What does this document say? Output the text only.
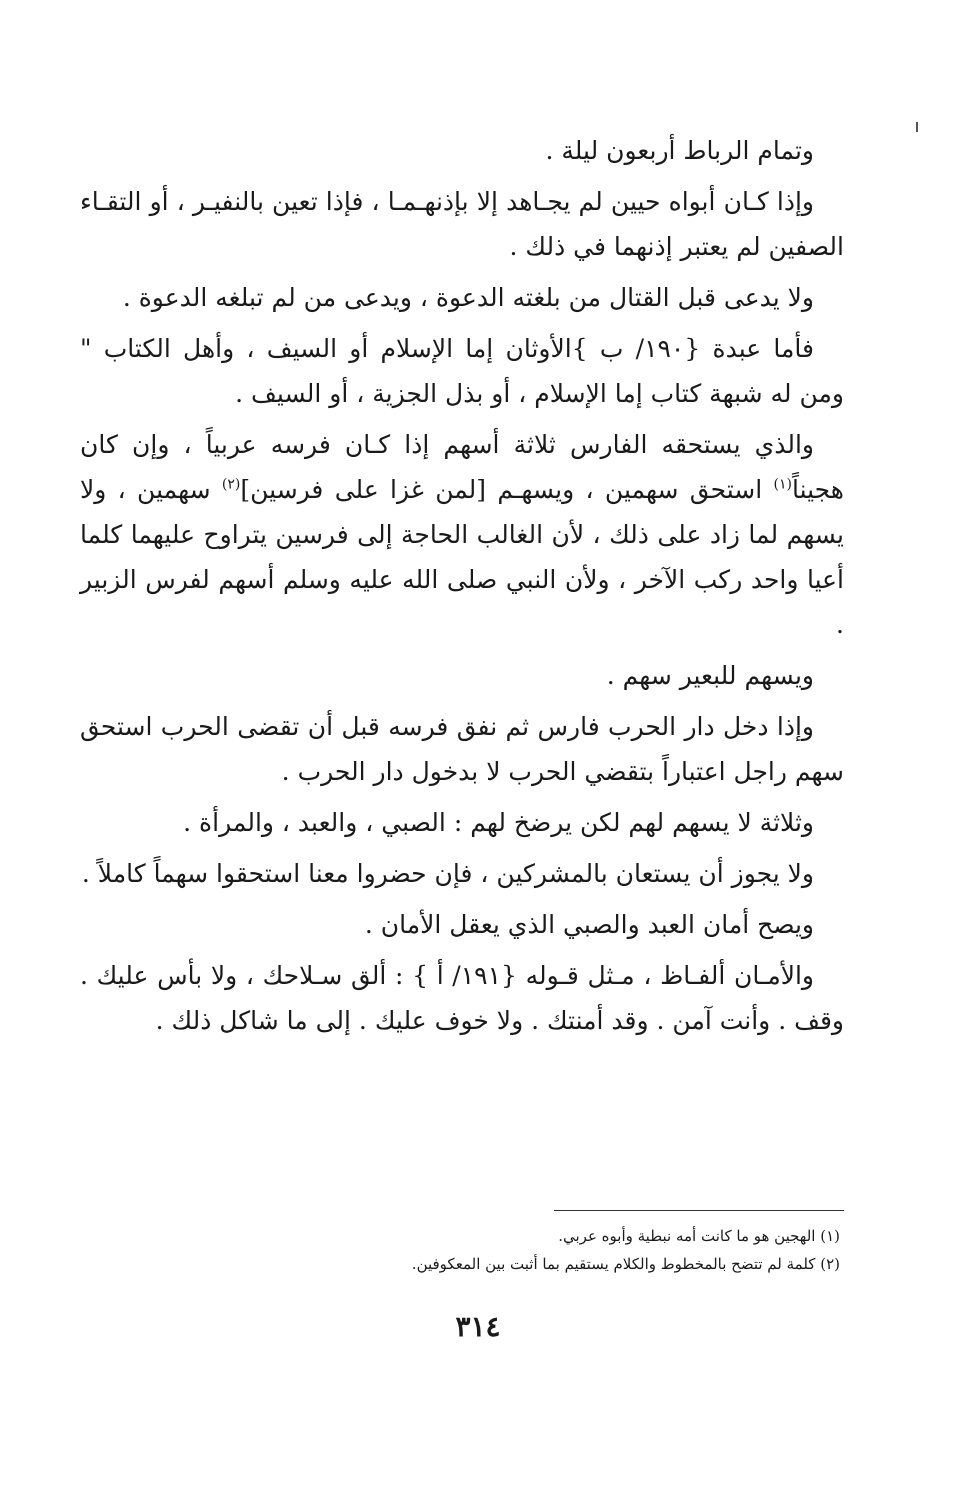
وتمام الرباط أربعون ليلة .

وإذا كـان أبواه حيين لم يجـاهد إلا بإذنهـمـا ، فإذا تعين بالنفيـر ، أو التقـاء الصفين لم يعتبر إذنهما في ذلك .

ولا يدعى قبل القتال من بلغته الدعوة ، ويدعى من لم تبلغه الدعوة .

فأما عبدة {١٩٠/ ب }الأوثان إما الإسلام أو السيف ، وأهل الكتاب " ومن له شبهة كتاب إما الإسلام ، أو بذل الجزية ، أو السيف .

والذي يستحقه الفارس ثلاثة أسهم إذا كـان فرسه عربياً ، وإن كان هجيناً$^{(١)}$ استحق سهمين ، ويسهـم [لمن غزا على فرسين]$^{(٢)}$ سهمين ، ولا يسهم لما زاد على ذلك ، لأن الغالب الحاجة إلى فرسين يتراوح عليهما كلما أعيا واحد ركب الآخر ، ولأن النبي صلى الله عليه وسلم أسهم لفرس الزبير .

ويسهم للبعير سهم .

وإذا دخل دار الحرب فارس ثم نفق فرسه قبل أن تقضى الحرب استحق سهم راجل اعتباراً بتقضي الحرب لا بدخول دار الحرب .

وثلاثة لا يسهم لهم لكن يرضخ لهم : الصبي ، والعبد ، والمرأة .

ولا يجوز أن يستعان بالمشركين ، فإن حضروا معنا استحقوا سهماً كاملاً .

ويصح أمان العبد والصبي الذي يعقل الأمان .

والأمـان ألفـاظ ، مـثل قـوله {١٩١/ أ } : ألق سـلاحك ، ولا بأس عليك . وقف . وأنت آمن . وقد أمنتك . ولا خوف عليك . إلى ما شاكل ذلك .

(١) الهجين هو ما كانت أمه نبطية وأبوه عربي.
(٢) كلمة لم تتضح بالمخطوط والكلام يستقيم بما أثبت بين المعكوفين.
٣١٤
